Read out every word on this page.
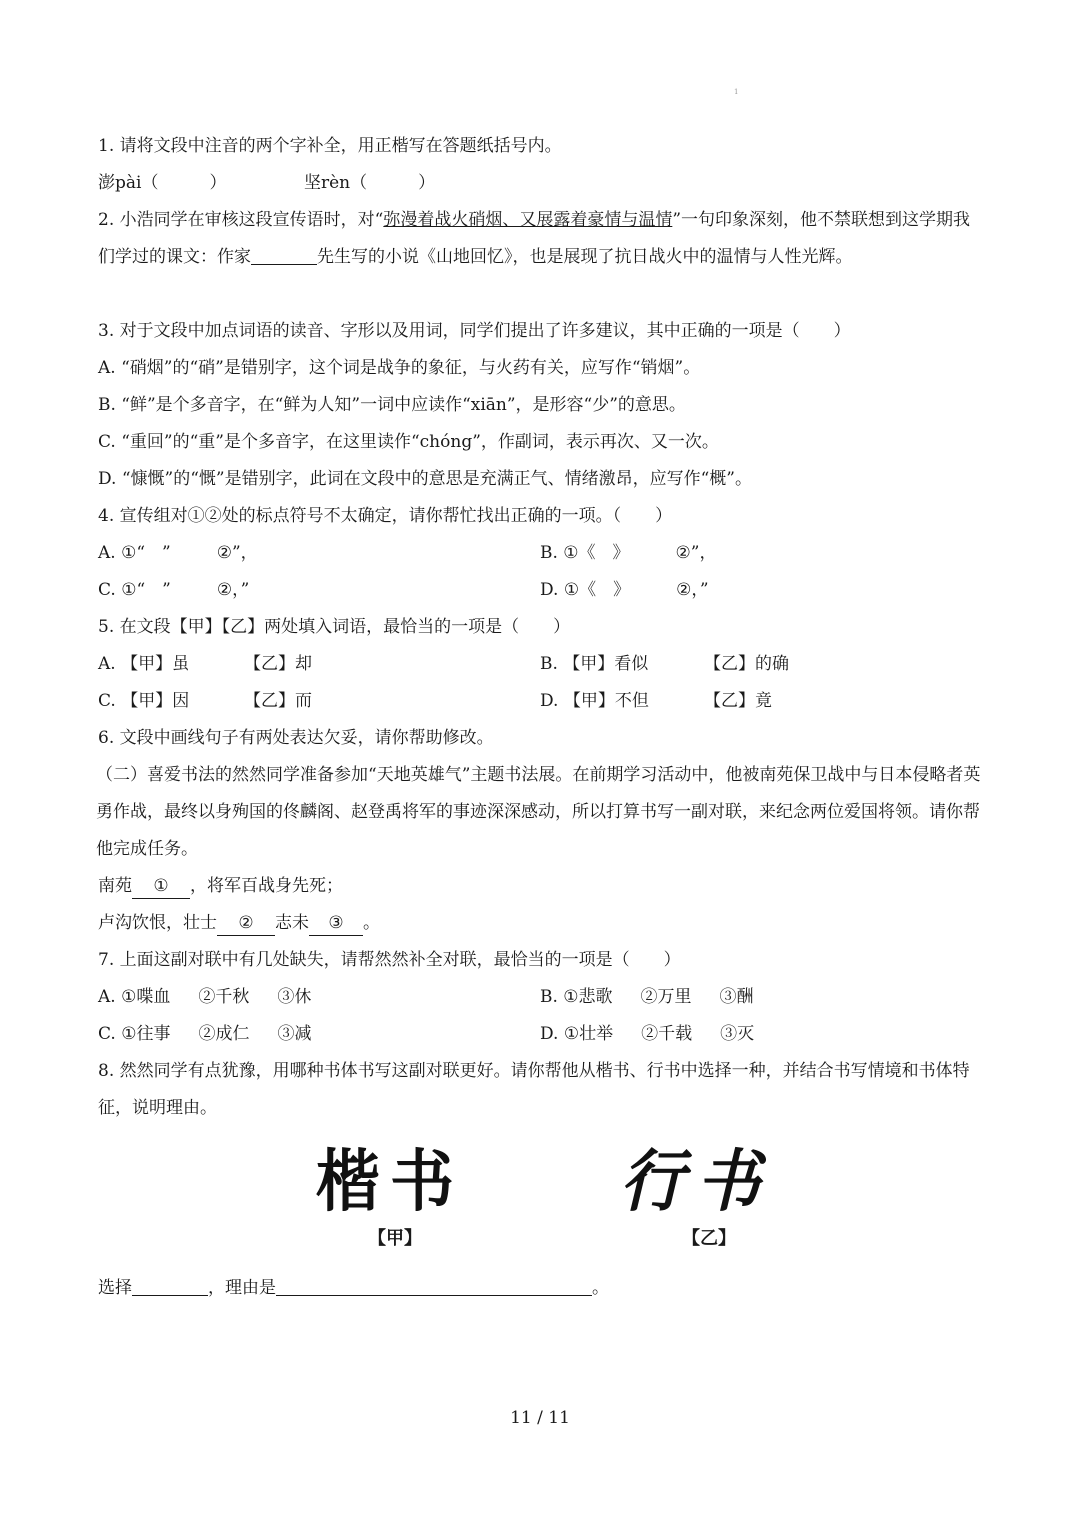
1
1. 请将文段中注音的两个字补全，用正楷写在答题纸括号内。
澎pài（　　　）	坚rèn（　　　）
2. 小浩同学在审核这段宣传语时，对“弥漫着战火硝烟、又展露着豪情与温情”一句印象深刻，他不禁联想到这学期我们学过的课文：作家	先生写的小说《山地回忆》，也是展现了抗日战火中的温情与人性光辉。
3. 对于文段中加点词语的读音、字形以及用词，同学们提出了许多建议，其中正确的一项是（　　）
A. “硝烟”的“硝”是错别字，这个词是战争的象征，与火药有关，应写作“销烟”。
B. “鲜”是个多音字，在“鲜为人知”一词中应读作“xiān”，是形容“少”的意思。
C. “重回”的“重”是个多音字，在这里读作“chóng”，作副词，表示再次、又一次。
D. “慷慨”的“慨”是错别字，此词在文段中的意思是充满正气、情绪激昂，应写作“概”。
4. 宣传组对①②处的标点符号不太确定，请你帮忙找出正确的一项。（　　）
A. ①“　”	②”，	B. ①《　》	②”，
C. ①“　”	②，”	D. ①《　》	②，”
5. 在文段【甲】【乙】两处填入词语，最恰当的一项是（　　）
A. 【甲】虽	【乙】却	B. 【甲】看似	【乙】的确
C. 【甲】因	【乙】而	D. 【甲】不但	【乙】竟
6. 文段中画线句子有两处表达欠妥，请你帮助修改。
（二）喜爱书法的然然同学准备参加“天地英雄气”主题书法展。在前期学习活动中，他被南苑保卫战中与日本侵略者英勇作战，最终以身殉国的佟麟阁、赵登禹将军的事迹深深感动，所以打算书写一副对联，来纪念两位爱国将领。请你帮他完成任务。
南苑 ① ，将军百战身先死；
卢沟饮恨，壮士 ② 志未 ③ 。
7. 上面这副对联中有几处缺失，请帮然然补全对联，最恰当的一项是（　　）
A. ①喋血 ②千秋 ③休	B. ①悲歌 ②万里 ③酬
C. ①往事 ②成仁 ③减	D. ①壮举 ②千载 ③灭
8. 然然同学有点犹豫，用哪种书体书写这副对联更好。请你帮他从楷书、行书中选择一种，并结合书写情境和书体特征，说明理由。
楷书 行书
【甲】	【乙】
选择	，理由是	。
11 / 11
